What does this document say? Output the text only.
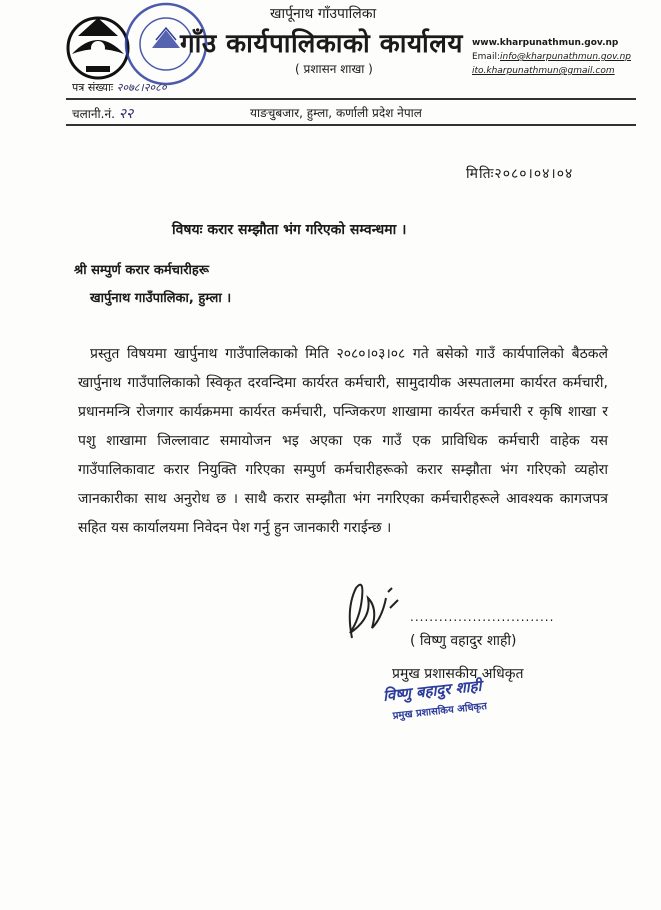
खार्पूनाथ गाँउपालिका
गाँउ कार्यपालिकाको कार्यालय
( प्रशासन शाखा )
www.kharpunathmun.gov.np
Email:info@kharpunathmun.gov.np
ito.kharpunathmun@gmail.com
पत्र संख्याः २०७८।२०८०
चलानी.नं. २२	याङचुबजार, हुम्ला, कर्णाली प्रदेश नेपाल
मितिः२०८०।०४।०४
विषयः करार सम्झौता भंग गरिएको सम्वन्धमा ।
श्री सम्पुर्ण करार कर्मचारीहरू
खार्पुनाथ गाउँपालिका, हुम्ला ।

प्रस्तुत विषयमा खार्पुनाथ गाउँपालिकाको मिति २०८०।०३।०८ गते बसेको गाउँ कार्यपालिको बैठकले खार्पुनाथ गाउँपालिकाको स्विकृत दरवन्दिमा कार्यरत कर्मचारी, सामुदायीक अस्पतालमा कार्यरत कर्मचारी, प्रधानमन्त्रि रोजगार कार्यक्रममा कार्यरत कर्मचारी, पन्जिकरण शाखामा कार्यरत कर्मचारी र कृषि शाखा र पशु शाखामा जिल्लावाट समायोजन भइ अएका एक गाउँ एक प्राविधिक कर्मचारी वाहेक यस गाउँपालिकावाट करार नियुक्ति गरिएका सम्पुर्ण कर्मचारीहरूको करार सम्झौता भंग गरिएको व्यहोरा जानकारीका साथ अनुरोध छ । साथै करार सम्झौता भंग नगरिएका कर्मचारीहरूले आवश्यक कागजपत्र सहित यस कार्यालयमा निवेदन पेश गर्नु हुन जानकारी गराईन्छ ।

..............................
( विष्णु वहादुर शाही)
प्रमुख प्रशासकीय अधिकृत
विष्णु बहादुर शाही
प्रमुख प्रशासकिय अधिकृत
